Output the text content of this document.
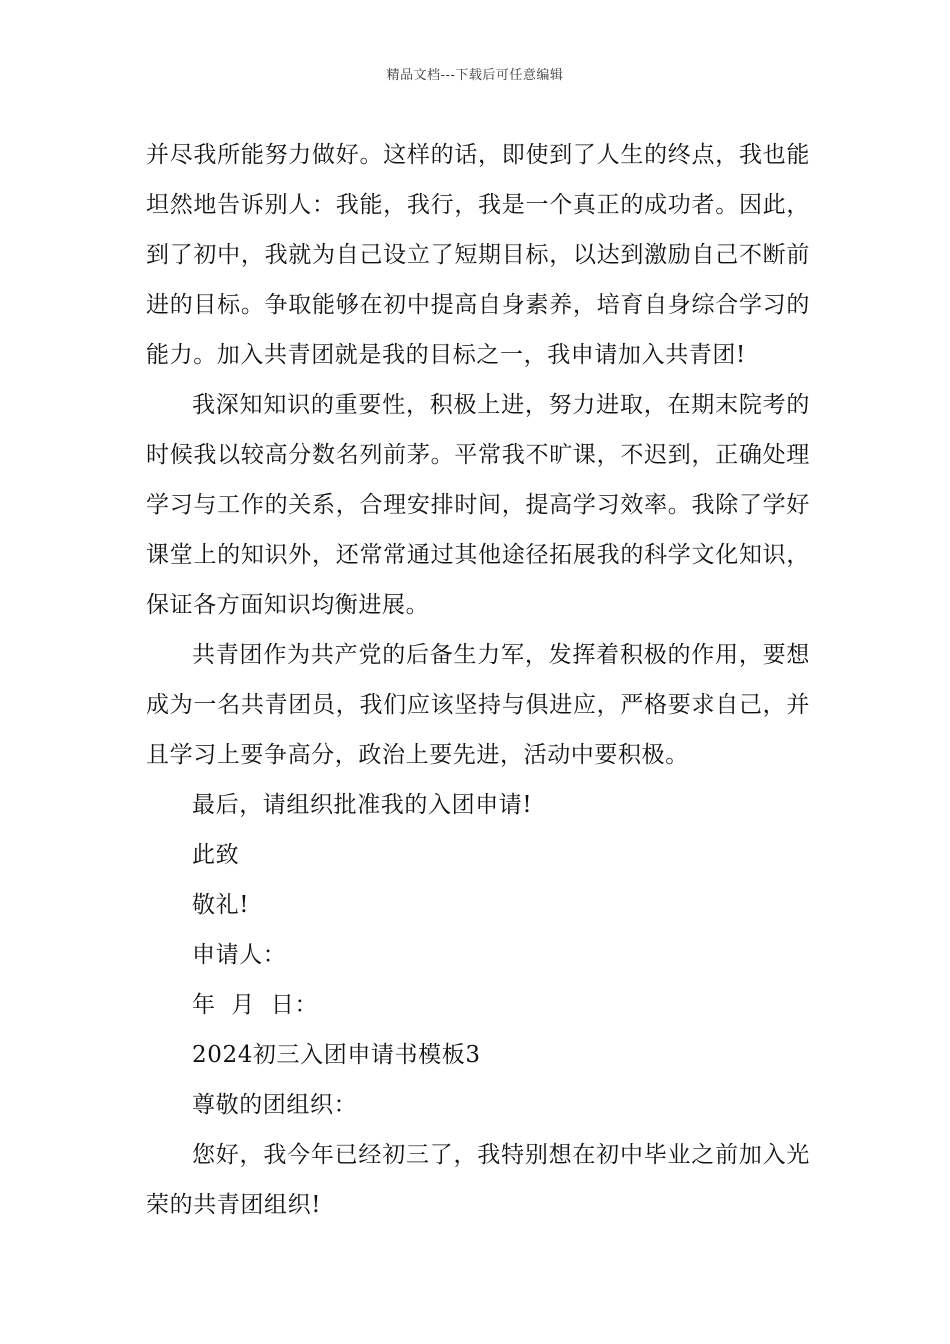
精品文档---下载后可任意编辑

并尽我所能努力做好。这样的话，即使到了人生的终点，我也能坦然地告诉别人：我能，我行，我是一个真正的成功者。因此，到了初中，我就为自己设立了短期目标，以达到激励自己不断前进的目标。争取能够在初中提高自身素养，培育自身综合学习的能力。加入共青团就是我的目标之一，我申请加入共青团!

我深知知识的重要性，积极上进，努力进取，在期末院考的时候我以较高分数名列前茅。平常我不旷课，不迟到，正确处理学习与工作的关系，合理安排时间，提高学习效率。我除了学好课堂上的知识外，还常常通过其他途径拓展我的科学文化知识，保证各方面知识均衡进展。

共青团作为共产党的后备生力军，发挥着积极的作用，要想成为一名共青团员，我们应该坚持与俱进应，严格要求自己，并且学习上要争高分，政治上要先进，活动中要积极。

最后，请组织批准我的入团申请!

此致

敬礼!

申请人：

年  月  日：

2024初三入团申请书模板3

尊敬的团组织：

您好，我今年已经初三了，我特别想在初中毕业之前加入光荣的共青团组织!
